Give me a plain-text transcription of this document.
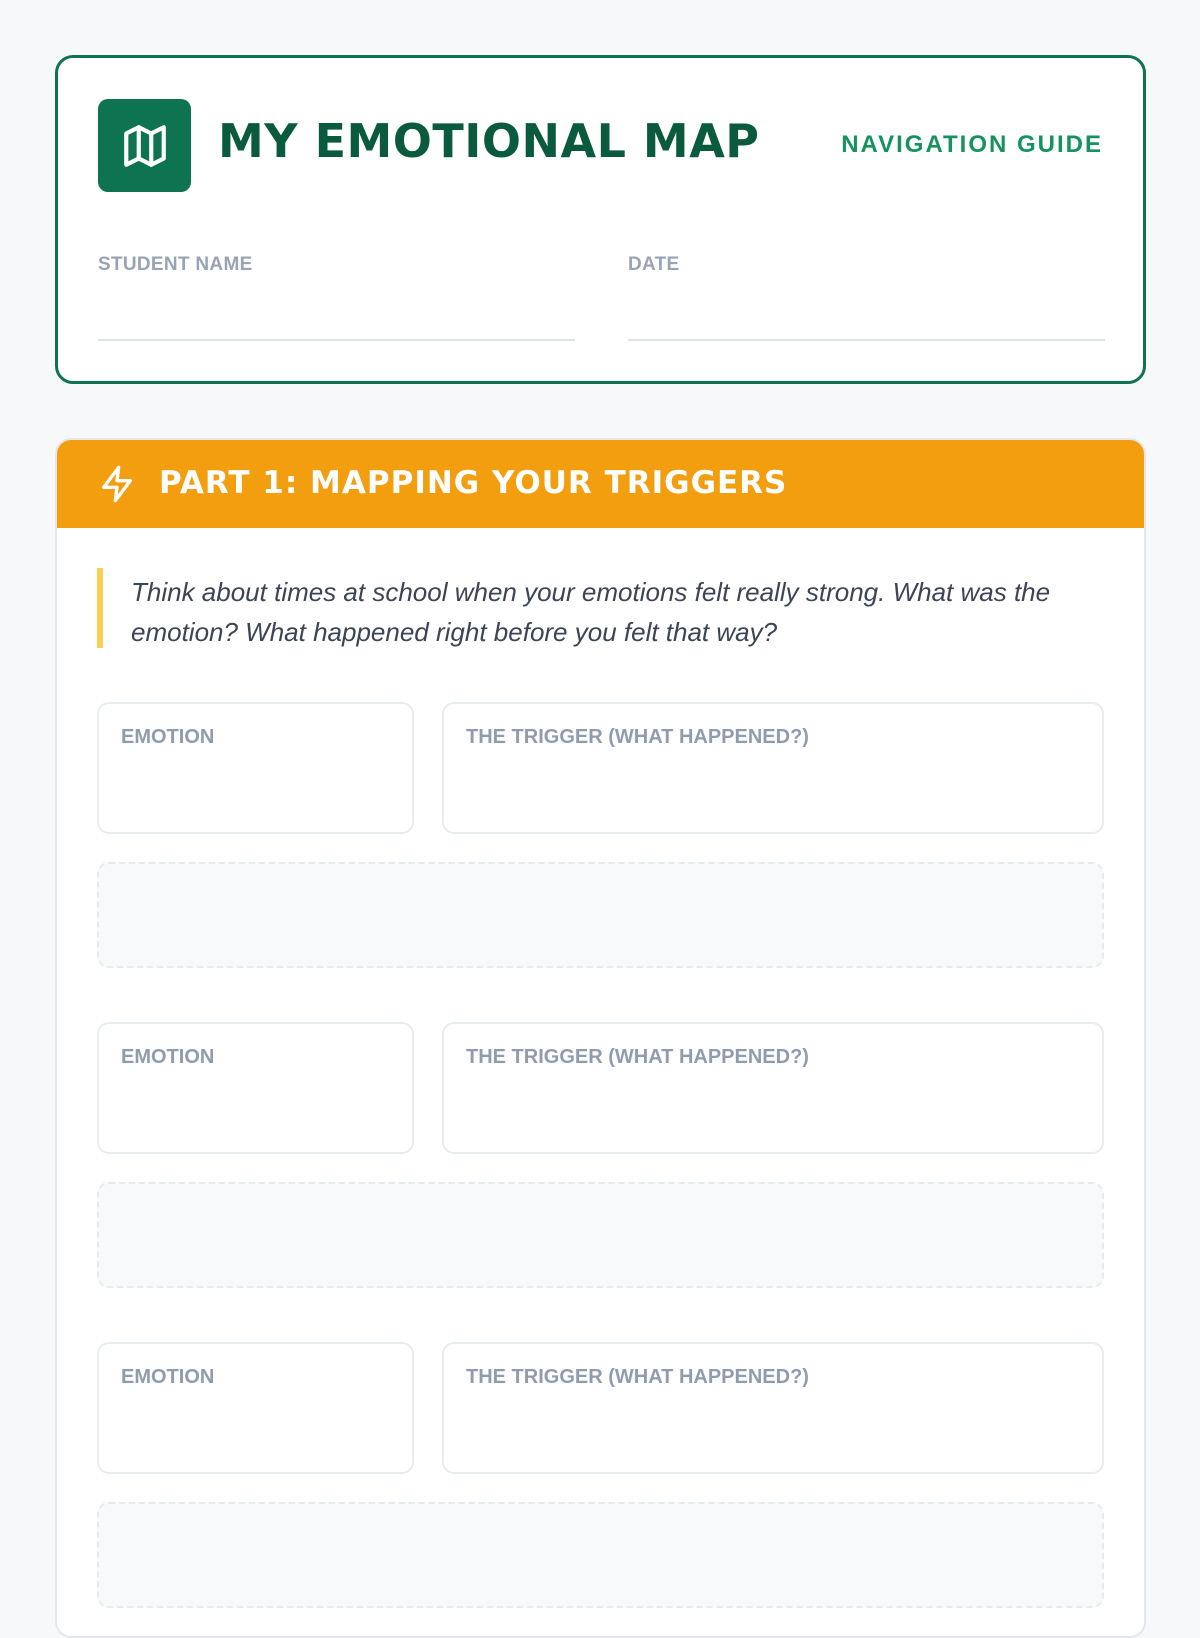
MY EMOTIONAL MAP	NAVIGATION GUIDE
STUDENT NAME	DATE
PART 1: MAPPING YOUR TRIGGERS
Think about times at school when your emotions felt really strong. What was the emotion? What happened right before you felt that way?
EMOTION	THE TRIGGER (WHAT HAPPENED?)
EMOTION	THE TRIGGER (WHAT HAPPENED?)
EMOTION	THE TRIGGER (WHAT HAPPENED?)
